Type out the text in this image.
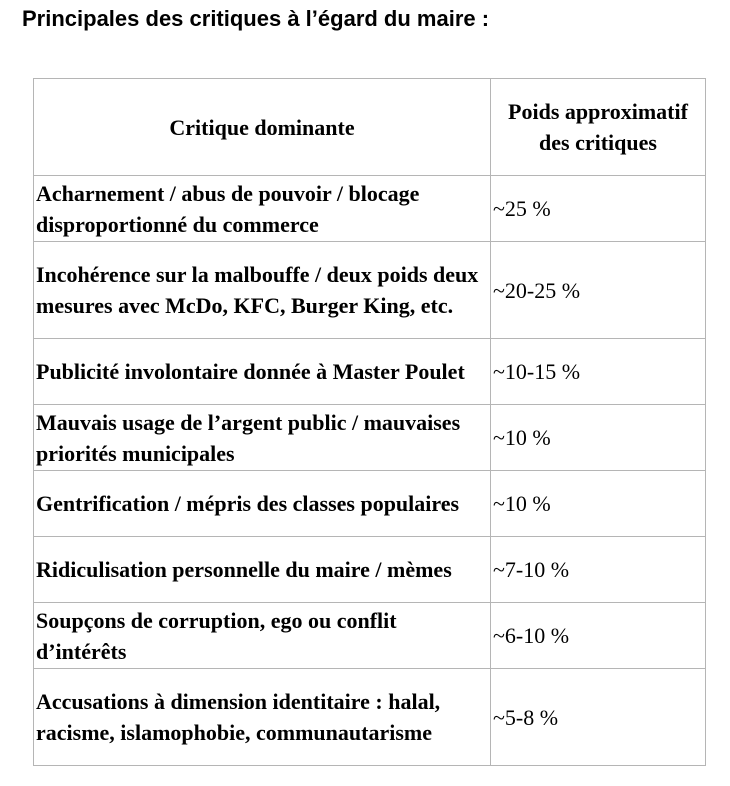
Principales des critiques à l’égard du maire :
Critique dominante	Poids approximatif des critiques
Acharnement / abus de pouvoir / blocage disproportionné du commerce	~25 %
Incohérence sur la malbouffe / deux poids deux mesures avec McDo, KFC, Burger King, etc.	~20-25 %
Publicité involontaire donnée à Master Poulet	~10-15 %
Mauvais usage de l’argent public / mauvaises priorités municipales	~10 %
Gentrification / mépris des classes populaires	~10 %
Ridiculisation personnelle du maire / mèmes	~7-10 %
Soupçons de corruption, ego ou conflit d’intérêts	~6-10 %
Accusations à dimension identitaire : halal, racisme, islamophobie, communautarisme	~5-8 %
